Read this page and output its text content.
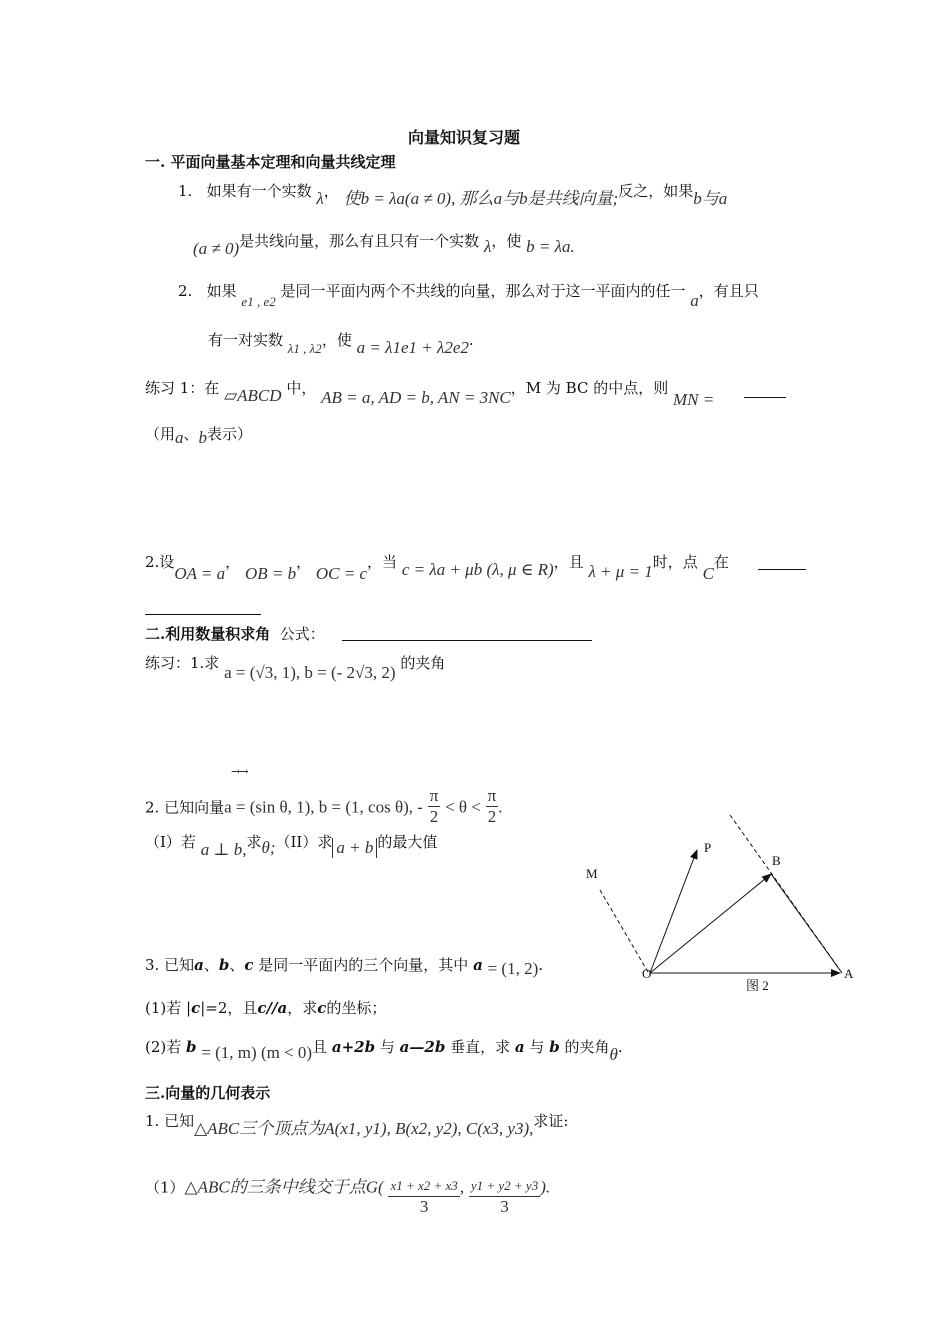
向量知识复习题
一. 平面向量基本定理和向量共线定理
1. 如果有一个实数 λ， 使b = λa(a ≠ 0), 那么a与b是共线向量;反之，如果b与a
(a ≠ 0)是共线向量，那么有且只有一个实数 λ，使 b = λa.
2. 如果 e1 , e2 是同一平面内两个不共线的向量，那么对于这一平面内的任一 a，有且只
有一对实数 λ1 , λ2，使 a = λ1e1 + λ2e2.
练习 1：在 ▱ABCD 中， AB = a, AD = b, AN = 3NC，M 为 BC 的中点，则 MN =
（用a、b表示）
2.设OA = a， OB = b， OC = c，当 c = λa + μb (λ, μ ∈ R)，且 λ + μ = 1时，点 C在
二.利用数量积求角 公式：
练习：1.求 a = (√3, 1), b = (- 2√3, 2) 的夹角
→→
2. 已知向量a = (sin θ, 1), b = (1, cos θ), - $\frac{\pi}{2} < \theta < \frac{\pi}{2}$ .
（I）若 a ⊥ b,求θ;（II）求 a + b 的最大值
3. 已知a、b、c 是同一平面内的三个向量，其中 a = (1, 2).
(1)若 |c|=2，且c//a，求c的坐标；
(2)若 b = (1, m) (m < 0)且 a+2b 与 a—2b 垂直，求 a 与 b 的夹角θ.
三.向量的几何表示
1. 已知△ABC三个顶点为A(x1, y1), B(x2, y2), C(x3, y3),求证:
（1）△ABC的三条中线交于点$G( \frac{x1 + x2 + x3}{3}$ , $\frac{y1 + y2 + y3}{3}$ ).
O	A
B
P
M
图 2
